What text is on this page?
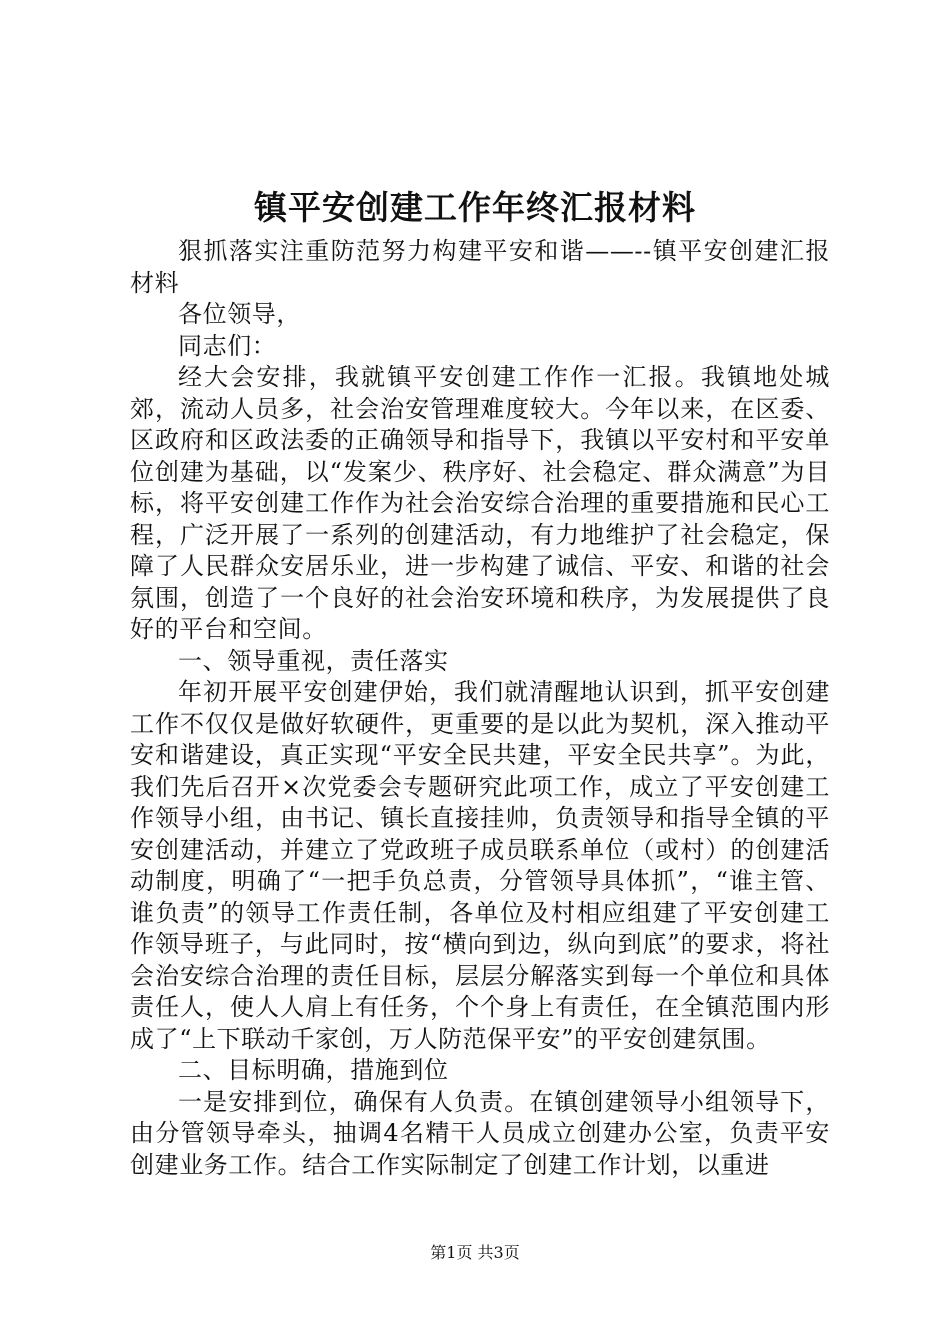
镇平安创建工作年终汇报材料

狠抓落实注重防范努力构建平安和谐——--镇平安创建汇报材料

各位领导，

同志们：

经大会安排，我就镇平安创建工作作一汇报。我镇地处城郊，流动人员多，社会治安管理难度较大。今年以来，在区委、区政府和区政法委的正确领导和指导下，我镇以平安村和平安单位创建为基础，以“发案少、秩序好、社会稳定、群众满意”为目标，将平安创建工作作为社会治安综合治理的重要措施和民心工程，广泛开展了一系列的创建活动，有力地维护了社会稳定，保障了人民群众安居乐业，进一步构建了诚信、平安、和谐的社会氛围，创造了一个良好的社会治安环境和秩序，为发展提供了良好的平台和空间。

一、领导重视，责任落实

年初开展平安创建伊始，我们就清醒地认识到，抓平安创建工作不仅仅是做好软硬件，更重要的是以此为契机，深入推动平安和谐建设，真正实现“平安全民共建，平安全民共享”。为此，我们先后召开×次党委会专题研究此项工作，成立了平安创建工作领导小组，由书记、镇长直接挂帅，负责领导和指导全镇的平安创建活动，并建立了党政班子成员联系单位（或村）的创建活动制度，明确了“一把手负总责，分管领导具体抓”，“谁主管、谁负责”的领导工作责任制，各单位及村相应组建了平安创建工作领导班子，与此同时，按“横向到边，纵向到底”的要求，将社会治安综合治理的责任目标，层层分解落实到每一个单位和具体责任人，使人人肩上有任务，个个身上有责任，在全镇范围内形成了“上下联动千家创，万人防范保平安”的平安创建氛围。

二、目标明确，措施到位

一是安排到位，确保有人负责。在镇创建领导小组领导下，由分管领导牵头，抽调4名精干人员成立创建办公室，负责平安创建业务工作。结合工作实际制定了创建工作计划，以重进

第1页 共3页
